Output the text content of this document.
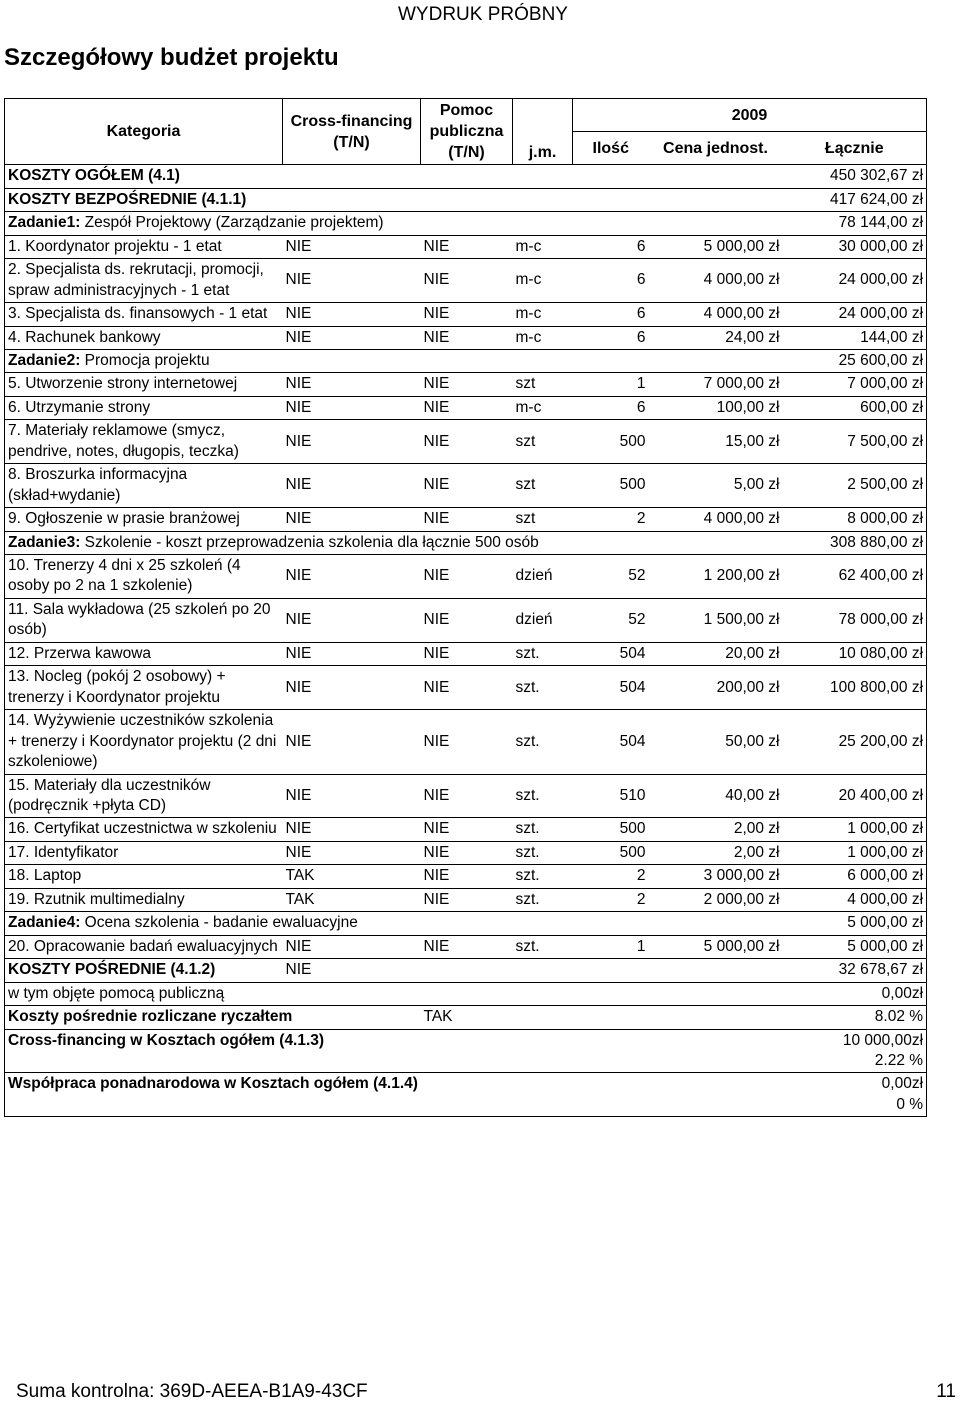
WYDRUK PRÓBNY
Szczegółowy budżet projektu
Kategoria	Cross-financing (T/N)	Pomoc publiczna (T/N)	j.m.	2009		
				Ilość	Cena jednost.	Łącznie
KOSZTY OGÓŁEM (4.1)						450 302,67 zł
KOSZTY BEZPOŚREDNIE (4.1.1)						417 624,00 zł
Zadanie1: Zespół Projektowy (Zarządzanie projektem)						78 144,00 zł
1. Koordynator projektu - 1 etat	NIE	NIE	m-c	6	5 000,00 zł	30 000,00 zł
2. Specjalista ds. rekrutacji, promocji, spraw administracyjnych - 1 etat	NIE	NIE	m-c	6	4 000,00 zł	24 000,00 zł
3. Specjalista ds. finansowych - 1 etat	NIE	NIE	m-c	6	4 000,00 zł	24 000,00 zł
4. Rachunek bankowy	NIE	NIE	m-c	6	24,00 zł	144,00 zł
Zadanie2: Promocja projektu						25 600,00 zł
5. Utworzenie strony internetowej	NIE	NIE	szt	1	7 000,00 zł	7 000,00 zł
6. Utrzymanie strony	NIE	NIE	m-c	6	100,00 zł	600,00 zł
7. Materiały reklamowe (smycz, pendrive, notes, długopis, teczka)	NIE	NIE	szt	500	15,00 zł	7 500,00 zł
8. Broszurka informacyjna (skład+wydanie)	NIE	NIE	szt	500	5,00 zł	2 500,00 zł
9. Ogłoszenie w prasie branżowej	NIE	NIE	szt	2	4 000,00 zł	8 000,00 zł
Zadanie3: Szkolenie - koszt przeprowadzenia szkolenia dla łącznie 500 osób						308 880,00 zł
10. Trenerzy 4 dni x 25 szkoleń (4 osoby po 2 na 1 szkolenie)	NIE	NIE	dzień	52	1 200,00 zł	62 400,00 zł
11. Sala wykładowa (25 szkoleń po 20 osób)	NIE	NIE	dzień	52	1 500,00 zł	78 000,00 zł
12. Przerwa kawowa	NIE	NIE	szt.	504	20,00 zł	10 080,00 zł
13. Nocleg (pokój 2 osobowy) + trenerzy i Koordynator projektu	NIE	NIE	szt.	504	200,00 zł	100 800,00 zł
14. Wyżywienie uczestników szkolenia + trenerzy i Koordynator projektu (2 dni szkoleniowe)	NIE	NIE	szt.	504	50,00 zł	25 200,00 zł
15. Materiały dla uczestników (podręcznik +płyta CD)	NIE	NIE	szt.	510	40,00 zł	20 400,00 zł
16. Certyfikat uczestnictwa w szkoleniu	NIE	NIE	szt.	500	2,00 zł	1 000,00 zł
17. Identyfikator	NIE	NIE	szt.	500	2,00 zł	1 000,00 zł
18. Laptop	TAK	NIE	szt.	2	3 000,00 zł	6 000,00 zł
19. Rzutnik multimedialny	TAK	NIE	szt.	2	2 000,00 zł	4 000,00 zł
Zadanie4: Ocena szkolenia - badanie ewaluacyjne						5 000,00 zł
20. Opracowanie badań ewaluacyjnych	NIE	NIE	szt.	1	5 000,00 zł	5 000,00 zł
KOSZTY POŚREDNIE (4.1.2)	NIE					32 678,67 zł
w tym objęte pomocą publiczną						0,00zł
Koszty pośrednie rozliczane ryczałtem		TAK				8.02 %
Cross-financing w Kosztach ogółem (4.1.3)						10 000,00zł
2.22 %

Współpraca ponadnarodowa w Kosztach ogółem (4.1.4)						0,00zł
0 %
Suma kontrolna: 369D-AEEA-B1A9-43CF	11
